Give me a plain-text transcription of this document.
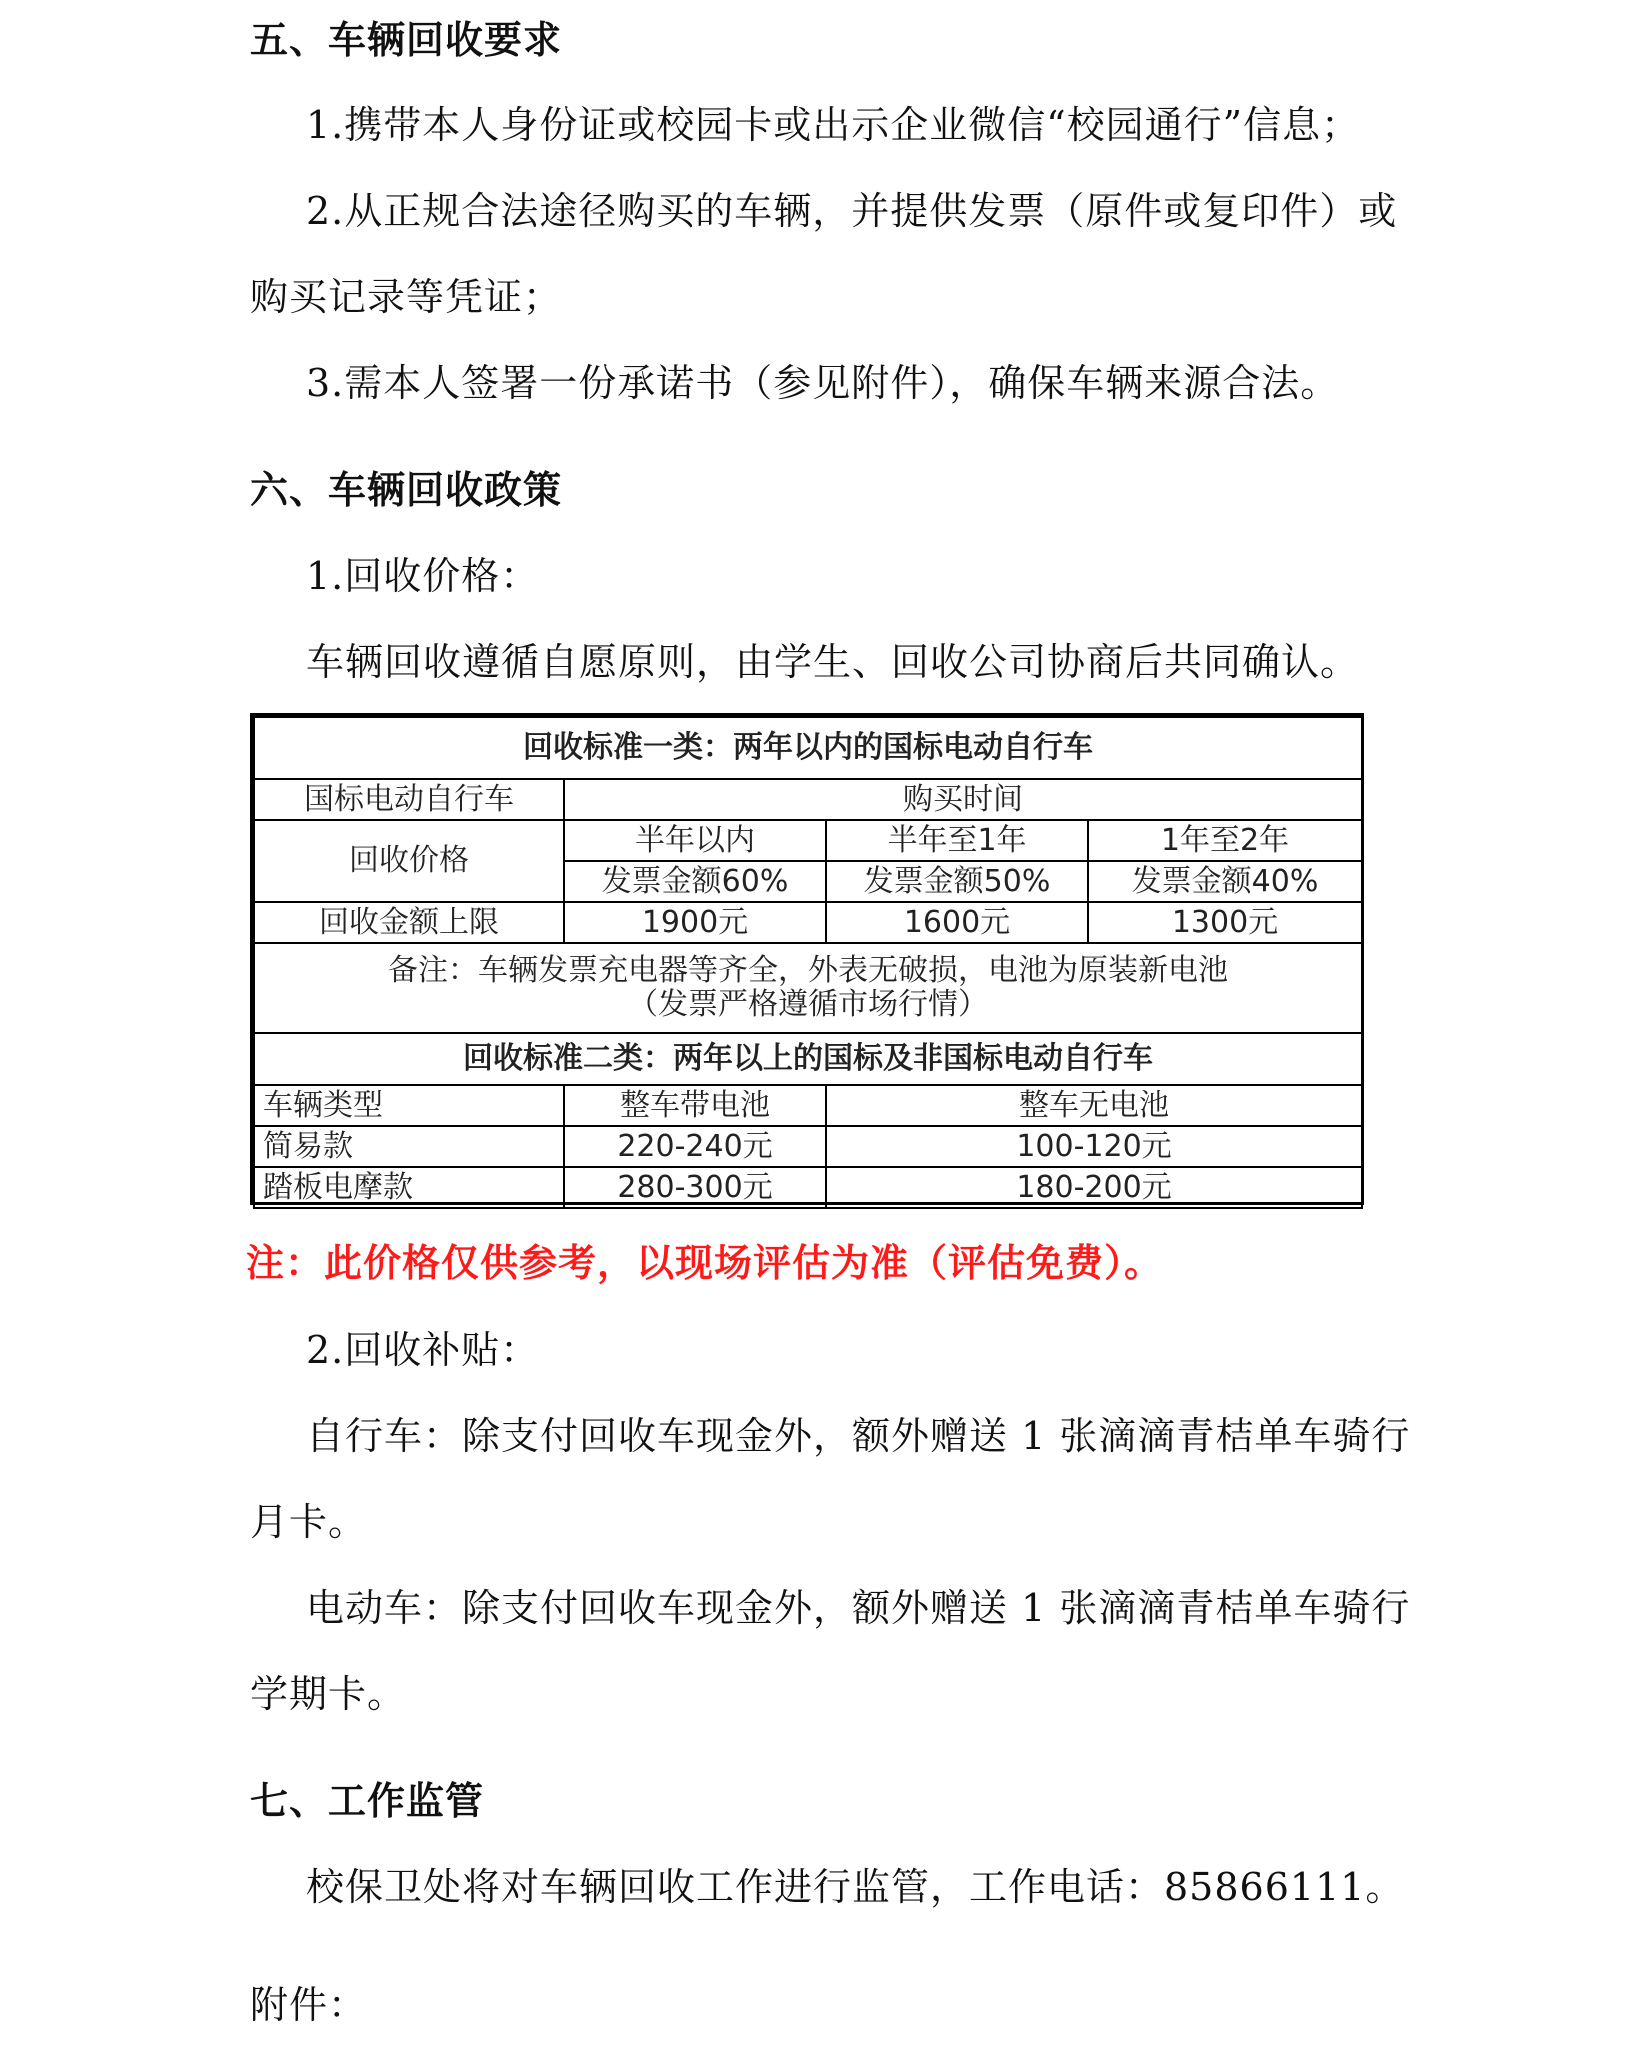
五、车辆回收要求

1.携带本人身份证或校园卡或出示企业微信“校园通行”信息；

2.从正规合法途径购买的车辆，并提供发票（原件或复印件）或

购买记录等凭证；

3.需本人签署一份承诺书（参见附件），确保车辆来源合法。

六、车辆回收政策

1.回收价格：

车辆回收遵循自愿原则，由学生、回收公司协商后共同确认。

回收标准一类：两年以内的国标电动自行车			
国标电动自行车	购买时间		
回收价格	半年以内	半年至1年	1年至2年
	发票金额60%	发票金额50%	发票金额40%
回收金额上限	1900元	1600元	1300元

备注：车辆发票充电器等齐全，外表无破损，电池为原装新电池
（发票严格遵循市场行情）			

回收标准二类：两年以上的国标及非国标电动自行车			
车辆类型	整车带电池	整车无电池	
简易款	220-240元	100-120元	
踏板电摩款	280-300元	180-200元	

注：此价格仅供参考，以现场评估为准（评估免费）。

2.回收补贴：

自行车：除支付回收车现金外，额外赠送 1 张滴滴青桔单车骑行

月卡。

电动车：除支付回收车现金外，额外赠送 1 张滴滴青桔单车骑行

学期卡。

七、工作监管

校保卫处将对车辆回收工作进行监管，工作电话：85866111。

附件：
